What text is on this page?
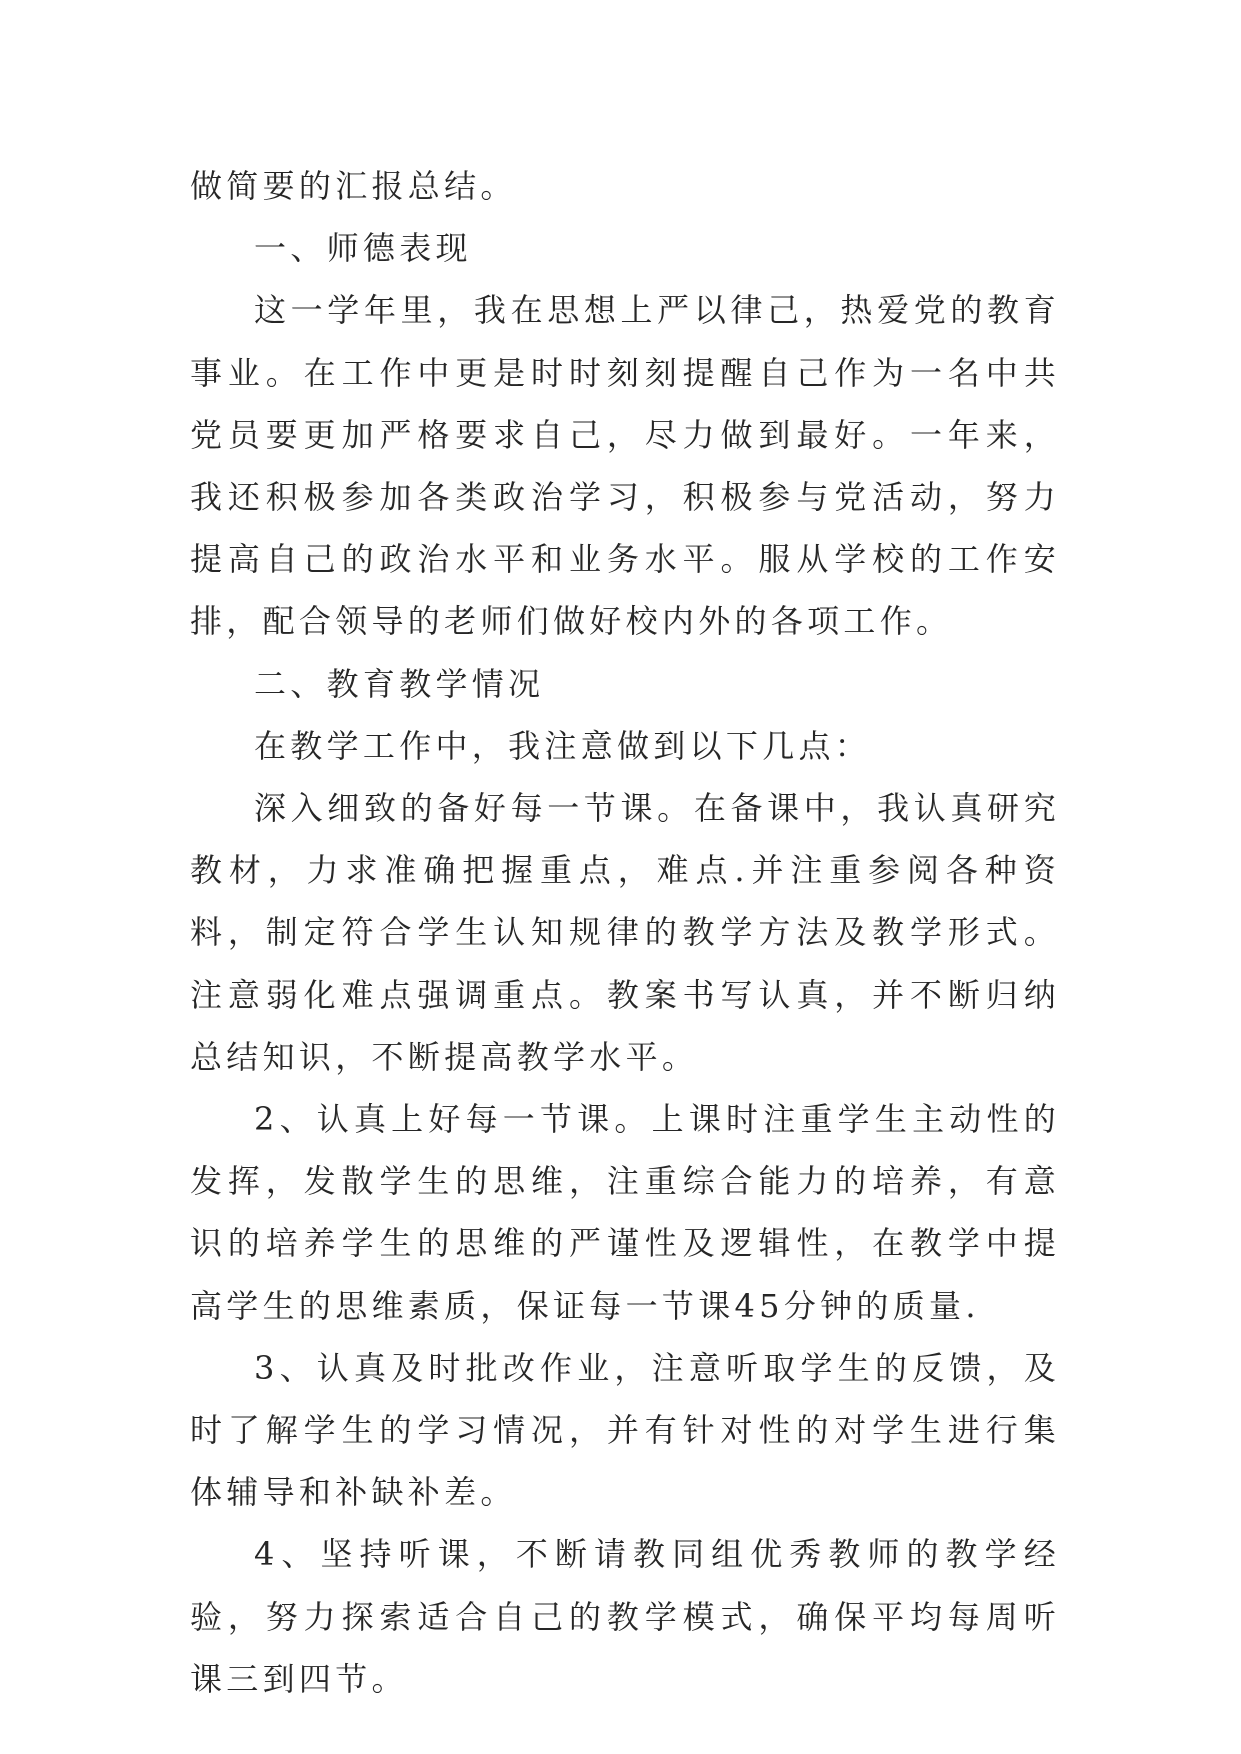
做简要的汇报总结。

一、师德表现

这一学年里，我在思想上严以律己，热爱党的教育事业。在工作中更是时时刻刻提醒自己作为一名中共党员要更加严格要求自己，尽力做到最好。一年来，我还积极参加各类政治学习，积极参与党活动，努力提高自己的政治水平和业务水平。服从学校的工作安排，配合领导的老师们做好校内外的各项工作。

二、教育教学情况

在教学工作中，我注意做到以下几点：

深入细致的备好每一节课。在备课中，我认真研究教材，力求准确把握重点，难点.并注重参阅各种资料，制定符合学生认知规律的教学方法及教学形式。注意弱化难点强调重点。教案书写认真，并不断归纳总结知识，不断提高教学水平。

2、认真上好每一节课。上课时注重学生主动性的发挥，发散学生的思维，注重综合能力的培养，有意识的培养学生的思维的严谨性及逻辑性，在教学中提高学生的思维素质，保证每一节课45分钟的质量.

3、认真及时批改作业，注意听取学生的反馈，及时了解学生的学习情况，并有针对性的对学生进行集体辅导和补缺补差。

4、坚持听课，不断请教同组优秀教师的教学经验，努力探索适合自己的教学模式，确保平均每周听课三到四节。
